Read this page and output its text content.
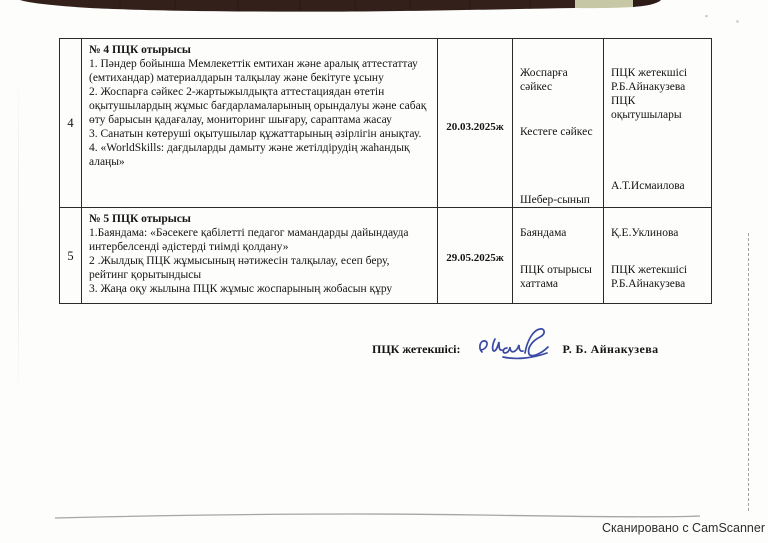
4
№ 4 ПЦК отырысы
1. Пәндер бойынша Мемлекеттік емтихан және аралық аттестаттау (емтихандар) материалдарын талқылау және бекітуге ұсыну
2. Жоспарға сәйкес 2-жартыжылдықта аттестациядан өтетін оқытушылардың жұмыс бағдарламаларының орындалуы және сабақ өту барысын қадағалау, мониторинг шығару, сараптама жасау
3. Санатын көтеруші оқытушылар құжаттарының әзірлігін анықтау.
4. «WorldSkills: дағдыларды дамыту және жетілдірудің жаһандық алаңы»
20.03.2025ж
Жоспарға сәйкес
Кестеге сәйкес
Шебер-сынып
ПЦК жетекшісі Р.Б.Айнакузева ПЦК оқытушылары
А.Т.Исмаилова
5
№ 5 ПЦК отырысы
1.Баяндама: «Бәсекеге қабілетті педагог мамандарды дайындауда интербелсенді әдістерді тиімді қолдану»
2 .Жылдық ПЦК жұмысының нәтижесін талқылау, есеп беру, рейтинг қорытындысы
3. Жаңа оқу жылына ПЦК жұмыс жоспарының жобасын құру
29.05.2025ж
Баяндама
ПЦК отырысы хаттама
Қ.Е.Уклинова
ПЦК жетекшісі Р.Б.Айнакузева
ПЦК жетекшісі:	Р. Б. Айнакузева
Сканировано с CamScanner
